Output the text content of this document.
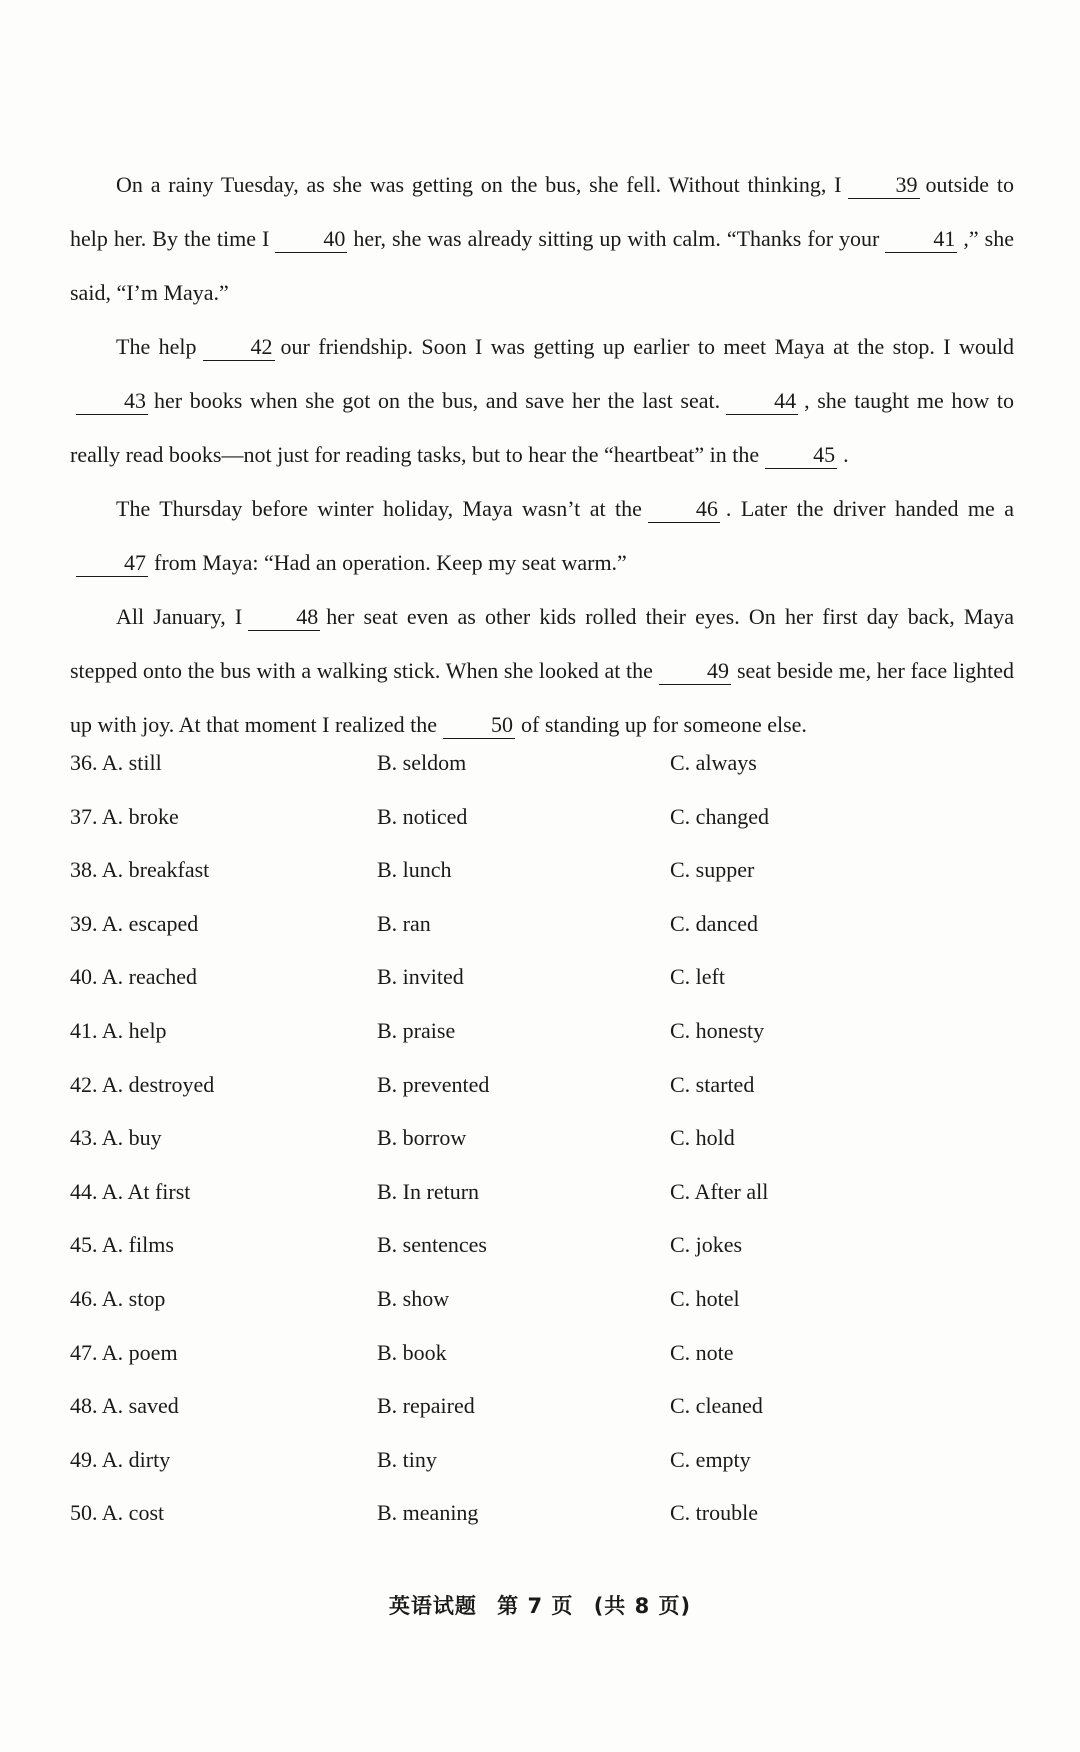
On a rainy Tuesday, as she was getting on the bus, she fell. Without thinking, I 39 outside to help her. By the time I 40 her, she was already sitting up with calm. “Thanks for your 41 ,” she said, “I’m Maya.”

The help 42 our friendship. Soon I was getting up earlier to meet Maya at the stop. I would43 her books when she got on the bus, and save her the last seat. 44 , she taught me how to really read books—not just for reading tasks, but to hear the “heartbeat” in the 45 .

The Thursday before winter holiday, Maya wasn’t at the 46 . Later the driver handed me a47 from Maya: “Had an operation. Keep my seat warm.”

All January, I 48 her seat even as other kids rolled their eyes. On her first day back, Maya stepped onto the bus with a walking stick. When she looked at the 49 seat beside me, her face lighted up with joy. At that moment I realized the 50 of standing up for someone else.

36. A. still	B. seldom	C. always
37. A. broke	B. noticed	C. changed
38. A. breakfast	B. lunch	C. supper
39. A. escaped	B. ran	C. danced
40. A. reached	B. invited	C. left
41. A. help	B. praise	C. honesty
42. A. destroyed	B. prevented	C. started
43. A. buy	B. borrow	C. hold
44. A. At first	B. In return	C. After all
45. A. films	B. sentences	C. jokes
46. A. stop	B. show	C. hotel
47. A. poem	B. book	C. note
48. A. saved	B. repaired	C. cleaned
49. A. dirty	B. tiny	C. empty
50. A. cost	B. meaning	C. trouble
英语试题 第 7 页 (共 8 页)
